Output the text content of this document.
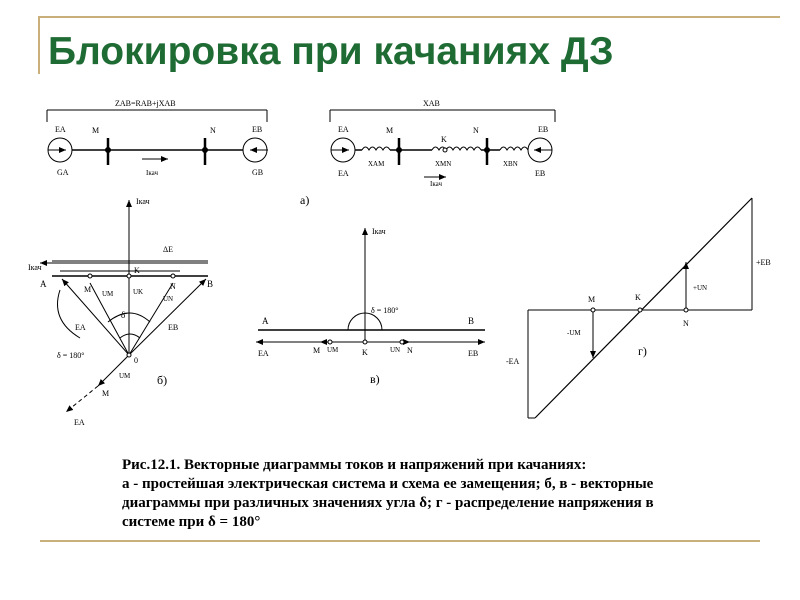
Блокировка при качаниях ДЗ
ZAB=RAB+jXAB
EA	EB
GA	GB
M	N
Iкач
XAB
EA	EB
EA	EB
M
K
N
XAM	XMN	XBN
Iкач
а)
Iкач
Iкач
ΔE
A	B
M
K
N
UM	UK
UN
δ
EA	EB
δ = 180°
0
UM
M
EA
б)
Iкач
δ = 180°
A	B
EA	EB
M UM	K	UN N
в)
+EB
+UN
-UM
-EA
M	K
N
г)
Рис.12.1. Векторные диаграммы токов и напряжений при качаниях:
а - простейшая электрическая система и схема ее замещения; б, в - векторные
диаграммы при различных значениях угла δ; г - распределение напряжения в
системе при δ = 180°
